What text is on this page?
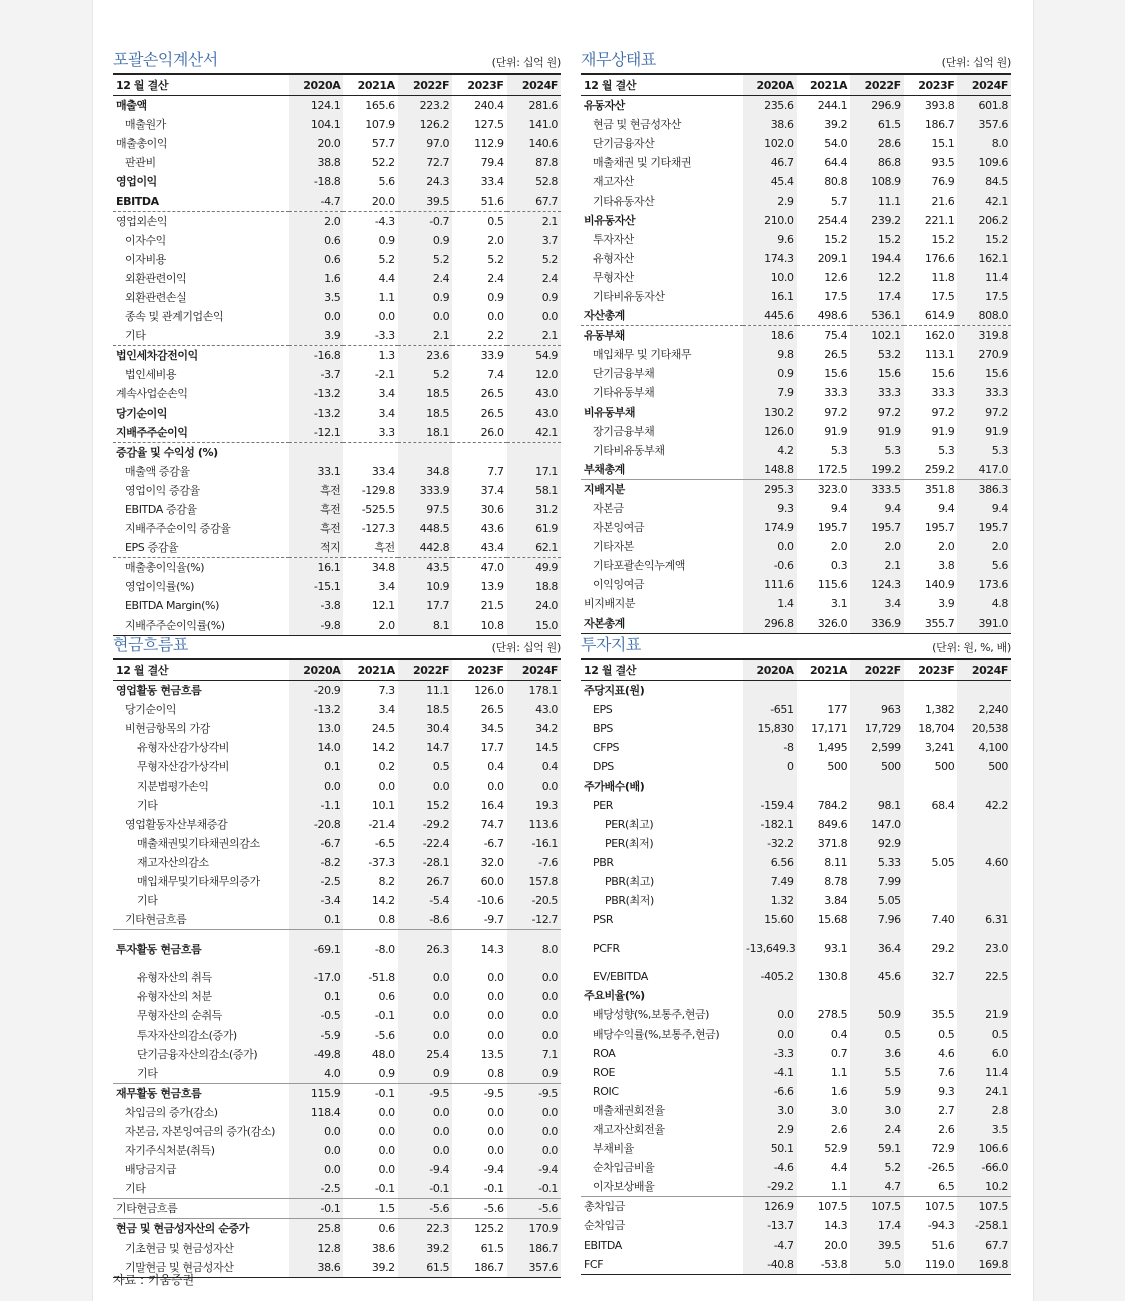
포괄손익계산서	(단위: 십억 원)
12 월 결산	2020A	2021A	2022F	2023F	2024F
매출액	124.1	165.6	223.2	240.4	281.6
매출원가	104.1	107.9	126.2	127.5	141.0
매출총이익	20.0	57.7	97.0	112.9	140.6
판관비	38.8	52.2	72.7	79.4	87.8
영업이익	-18.8	5.6	24.3	33.4	52.8
EBITDA	-4.7	20.0	39.5	51.6	67.7
영업외손익	2.0	-4.3	-0.7	0.5	2.1
이자수익	0.6	0.9	0.9	2.0	3.7
이자비용	0.6	5.2	5.2	5.2	5.2
외환관련이익	1.6	4.4	2.4	2.4	2.4
외환관련손실	3.5	1.1	0.9	0.9	0.9
종속 및 관계기업손익	0.0	0.0	0.0	0.0	0.0
기타	3.9	-3.3	2.1	2.2	2.1
법인세차감전이익	-16.8	1.3	23.6	33.9	54.9
법인세비용	-3.7	-2.1	5.2	7.4	12.0
계속사업순손익	-13.2	3.4	18.5	26.5	43.0
당기순이익	-13.2	3.4	18.5	26.5	43.0
지배주주순이익	-12.1	3.3	18.1	26.0	42.1
증감율 및 수익성 (%)					
매출액 증감율	33.1	33.4	34.8	7.7	17.1
영업이익 증감율	흑전	-129.8	333.9	37.4	58.1
EBITDA 증감율	흑전	-525.5	97.5	30.6	31.2
지배주주순이익 증감율	흑전	-127.3	448.5	43.6	61.9
EPS 증감율	적지	흑전	442.8	43.4	62.1
매출총이익율(%)	16.1	34.8	43.5	47.0	49.9
영업이익률(%)	-15.1	3.4	10.9	13.9	18.8
EBITDA Margin(%)	-3.8	12.1	17.7	21.5	24.0
지배주주순이익률(%)	-9.8	2.0	8.1	10.8	15.0
재무상태표	(단위: 십억 원)
12 월 결산	2020A	2021A	2022F	2023F	2024F
유동자산	235.6	244.1	296.9	393.8	601.8
현금 및 현금성자산	38.6	39.2	61.5	186.7	357.6
단기금융자산	102.0	54.0	28.6	15.1	8.0
매출채권 및 기타채권	46.7	64.4	86.8	93.5	109.6
재고자산	45.4	80.8	108.9	76.9	84.5
기타유동자산	2.9	5.7	11.1	21.6	42.1
비유동자산	210.0	254.4	239.2	221.1	206.2
투자자산	9.6	15.2	15.2	15.2	15.2
유형자산	174.3	209.1	194.4	176.6	162.1
무형자산	10.0	12.6	12.2	11.8	11.4
기타비유동자산	16.1	17.5	17.4	17.5	17.5
자산총계	445.6	498.6	536.1	614.9	808.0
유동부채	18.6	75.4	102.1	162.0	319.8
매입채무 및 기타채무	9.8	26.5	53.2	113.1	270.9
단기금융부채	0.9	15.6	15.6	15.6	15.6
기타유동부채	7.9	33.3	33.3	33.3	33.3
비유동부채	130.2	97.2	97.2	97.2	97.2
장기금융부채	126.0	91.9	91.9	91.9	91.9
기타비유동부채	4.2	5.3	5.3	5.3	5.3
부채총계	148.8	172.5	199.2	259.2	417.0
지배지분	295.3	323.0	333.5	351.8	386.3
자본금	9.3	9.4	9.4	9.4	9.4
자본잉여금	174.9	195.7	195.7	195.7	195.7
기타자본	0.0	2.0	2.0	2.0	2.0
기타포괄손익누계액	-0.6	0.3	2.1	3.8	5.6
이익잉여금	111.6	115.6	124.3	140.9	173.6
비지배지분	1.4	3.1	3.4	3.9	4.8
자본총계	296.8	326.0	336.9	355.7	391.0
현금흐름표	(단위: 십억 원)
12 월 결산	2020A	2021A	2022F	2023F	2024F
영업활동 현금흐름	-20.9	7.3	11.1	126.0	178.1
당기순이익	-13.2	3.4	18.5	26.5	43.0
비현금항목의 가감	13.0	24.5	30.4	34.5	34.2
유형자산감가상각비	14.0	14.2	14.7	17.7	14.5
무형자산감가상각비	0.1	0.2	0.5	0.4	0.4
지분법평가손익	0.0	0.0	0.0	0.0	0.0
기타	-1.1	10.1	15.2	16.4	19.3
영업활동자산부채증감	-20.8	-21.4	-29.2	74.7	113.6
매출채권및기타채권의감소	-6.7	-6.5	-22.4	-6.7	-16.1
재고자산의감소	-8.2	-37.3	-28.1	32.0	-7.6
매입채무및기타채무의증가	-2.5	8.2	26.7	60.0	157.8
기타	-3.4	14.2	-5.4	-10.6	-20.5
기타현금흐름	0.1	0.8	-8.6	-9.7	-12.7
투자활동 현금흐름	-69.1	-8.0	26.3	14.3	8.0
유형자산의 취득	-17.0	-51.8	0.0	0.0	0.0
유형자산의 처분	0.1	0.6	0.0	0.0	0.0
무형자산의 순취득	-0.5	-0.1	0.0	0.0	0.0
투자자산의감소(증가)	-5.9	-5.6	0.0	0.0	0.0
단기금융자산의감소(증가)	-49.8	48.0	25.4	13.5	7.1
기타	4.0	0.9	0.9	0.8	0.9
재무활동 현금흐름	115.9	-0.1	-9.5	-9.5	-9.5
차입금의 증가(감소)	118.4	0.0	0.0	0.0	0.0
자본금, 자본잉여금의 증가(감소)	0.0	0.0	0.0	0.0	0.0
자기주식처분(취득)	0.0	0.0	0.0	0.0	0.0
배당금지급	0.0	0.0	-9.4	-9.4	-9.4
기타	-2.5	-0.1	-0.1	-0.1	-0.1
기타현금흐름	-0.1	1.5	-5.6	-5.6	-5.6
현금 및 현금성자산의 순증가	25.8	0.6	22.3	125.2	170.9
기초현금 및 현금성자산	12.8	38.6	39.2	61.5	186.7
기말현금 및 현금성자산	38.6	39.2	61.5	186.7	357.6
투자지표	(단위: 원, %, 배)
12 월 결산	2020A	2021A	2022F	2023F	2024F
주당지표(원)					
EPS	-651	177	963	1,382	2,240
BPS	15,830	17,171	17,729	18,704	20,538
CFPS	-8	1,495	2,599	3,241	4,100
DPS	0	500	500	500	500
주가배수(배)					
PER	-159.4	784.2	98.1	68.4	42.2
PER(최고)	-182.1	849.6	147.0		
PER(최저)	-32.2	371.8	92.9		
PBR	6.56	8.11	5.33	5.05	4.60
PBR(최고)	7.49	8.78	7.99		
PBR(최저)	1.32	3.84	5.05		
PSR	15.60	15.68	7.96	7.40	6.31
PCFR	-13,649.3	93.1	36.4	29.2	23.0
EV/EBITDA	-405.2	130.8	45.6	32.7	22.5
주요비율(%)					
배당성향(%,보통주,현금)	0.0	278.5	50.9	35.5	21.9
배당수익률(%,보통주,현금)	0.0	0.4	0.5	0.5	0.5
ROA	-3.3	0.7	3.6	4.6	6.0
ROE	-4.1	1.1	5.5	7.6	11.4
ROIC	-6.6	1.6	5.9	9.3	24.1
매출채권회전율	3.0	3.0	3.0	2.7	2.8
재고자산회전율	2.9	2.6	2.4	2.6	3.5
부채비율	50.1	52.9	59.1	72.9	106.6
순차입금비율	-4.6	4.4	5.2	-26.5	-66.0
이자보상배율	-29.2	1.1	4.7	6.5	10.2
총차입금	126.9	107.5	107.5	107.5	107.5
순차입금	-13.7	14.3	17.4	-94.3	-258.1
EBITDA	-4.7	20.0	39.5	51.6	67.7
FCF	-40.8	-53.8	5.0	119.0	169.8
자료 : 키움증권
